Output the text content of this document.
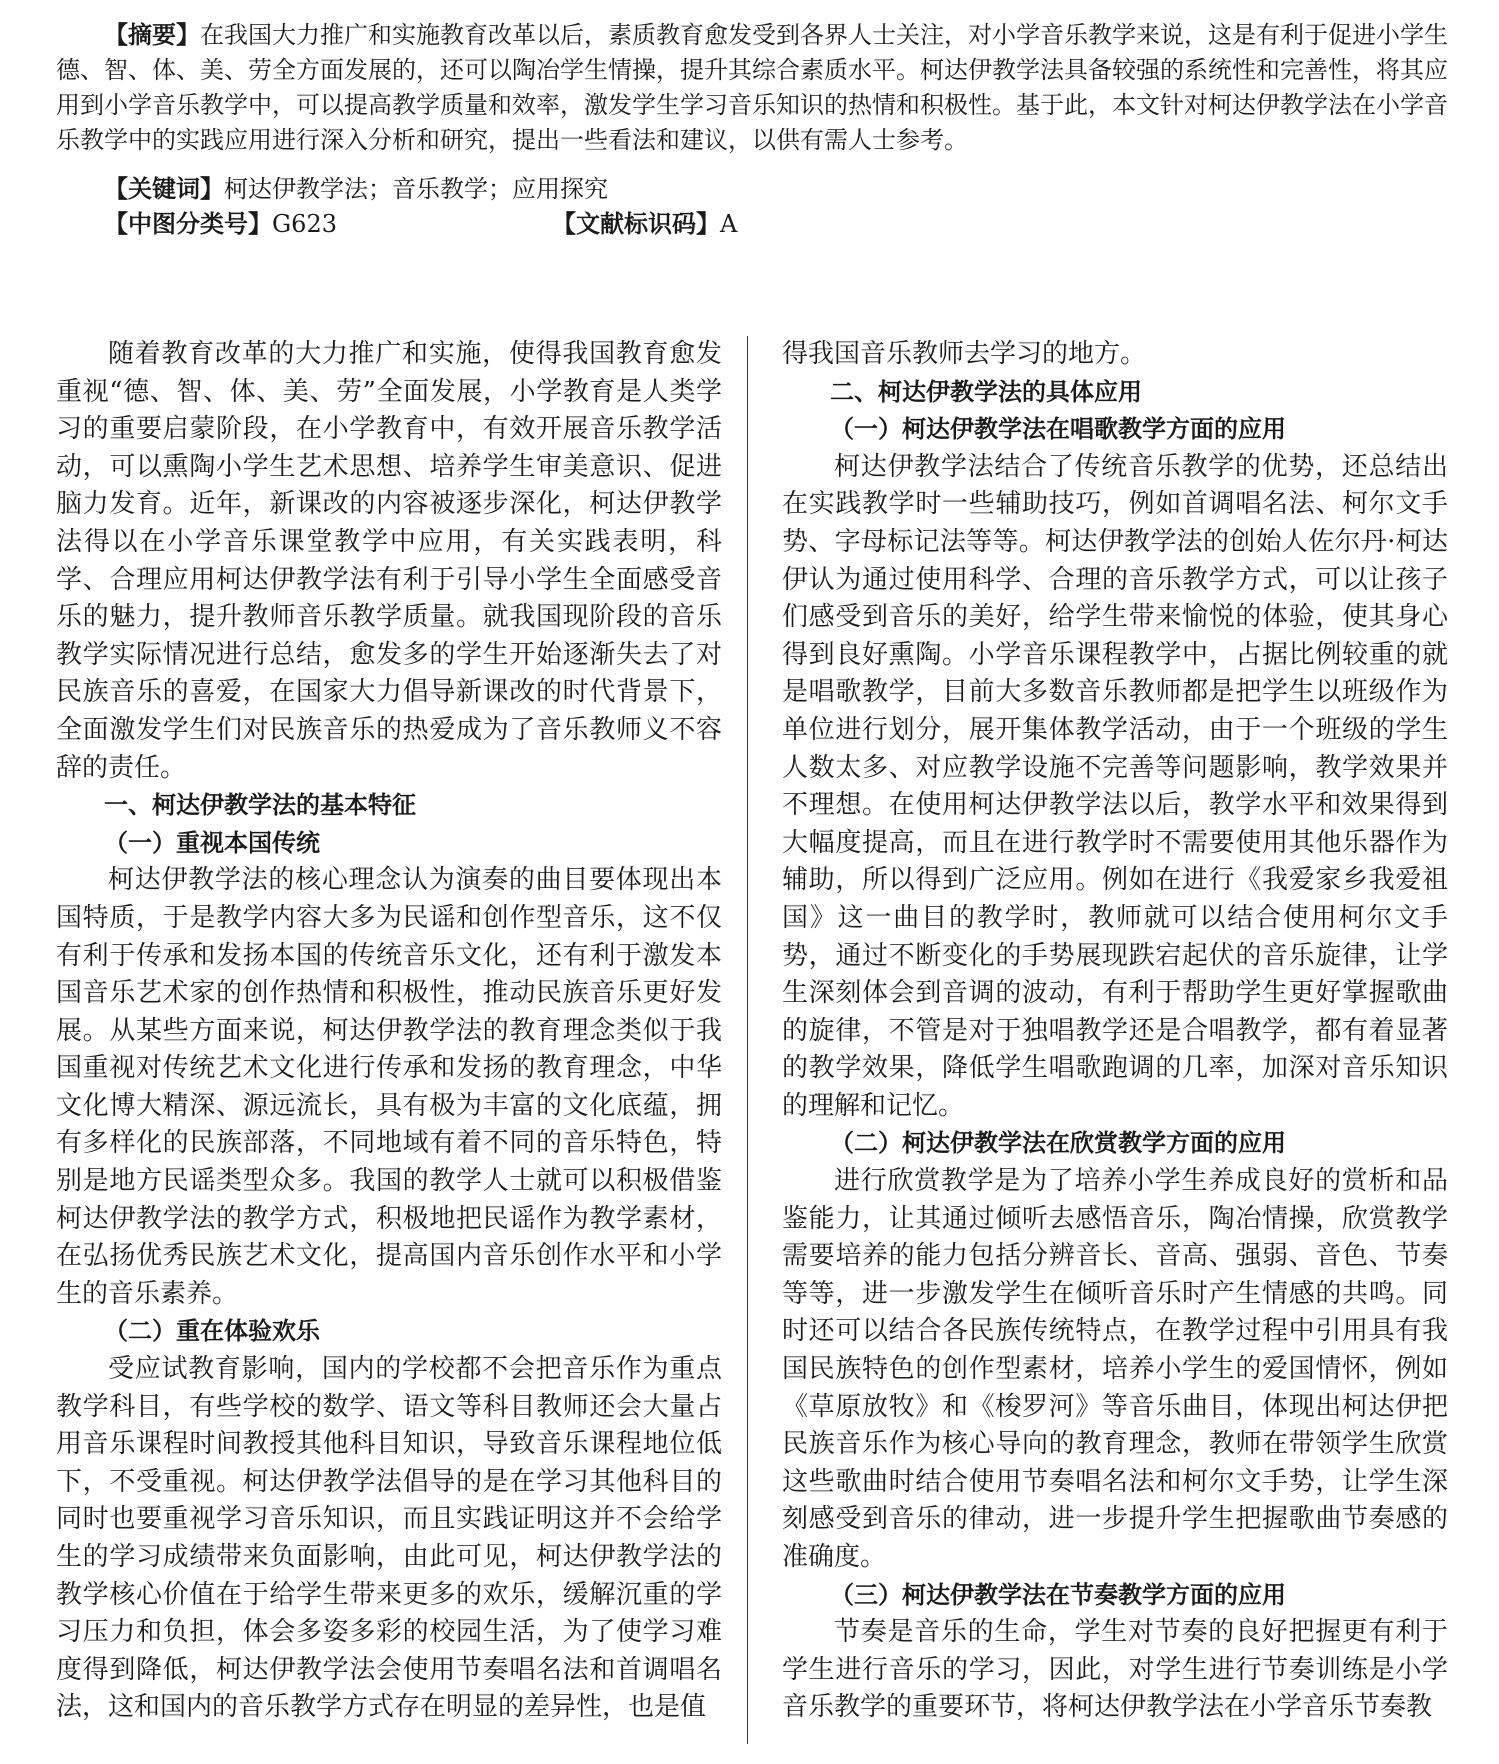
【摘要】在我国大力推广和实施教育改革以后，素质教育愈发受到各界人士关注，对小学音乐教学来说，这是有利于促进小学生德、智、体、美、劳全方面发展的，还可以陶冶学生情操，提升其综合素质水平。柯达伊教学法具备较强的系统性和完善性，将其应用到小学音乐教学中，可以提高教学质量和效率，激发学生学习音乐知识的热情和积极性。基于此，本文针对柯达伊教学法在小学音乐教学中的实践应用进行深入分析和研究，提出一些看法和建议，以供有需人士参考。

【关键词】柯达伊教学法；音乐教学；应用探究
【中图分类号】G623	【文献标识码】A

随着教育改革的大力推广和实施，使得我国教育愈发重视“德、智、体、美、劳”全面发展，小学教育是人类学习的重要启蒙阶段，在小学教育中，有效开展音乐教学活动，可以熏陶小学生艺术思想、培养学生审美意识、促进脑力发育。近年，新课改的内容被逐步深化，柯达伊教学法得以在小学音乐课堂教学中应用，有关实践表明，科学、合理应用柯达伊教学法有利于引导小学生全面感受音乐的魅力，提升教师音乐教学质量。就我国现阶段的音乐教学实际情况进行总结，愈发多的学生开始逐渐失去了对民族音乐的喜爱，在国家大力倡导新课改的时代背景下，全面激发学生们对民族音乐的热爱成为了音乐教师义不容辞的责任。

一、柯达伊教学法的基本特征

（一）重视本国传统

柯达伊教学法的核心理念认为演奏的曲目要体现出本国特质，于是教学内容大多为民谣和创作型音乐，这不仅有利于传承和发扬本国的传统音乐文化，还有利于激发本国音乐艺术家的创作热情和积极性，推动民族音乐更好发展。从某些方面来说，柯达伊教学法的教育理念类似于我国重视对传统艺术文化进行传承和发扬的教育理念，中华文化博大精深、源远流长，具有极为丰富的文化底蕴，拥有多样化的民族部落，不同地域有着不同的音乐特色，特别是地方民谣类型众多。我国的教学人士就可以积极借鉴柯达伊教学法的教学方式，积极地把民谣作为教学素材，在弘扬优秀民族艺术文化，提高国内音乐创作水平和小学生的音乐素养。

（二）重在体验欢乐

受应试教育影响，国内的学校都不会把音乐作为重点教学科目，有些学校的数学、语文等科目教师还会大量占用音乐课程时间教授其他科目知识，导致音乐课程地位低下，不受重视。柯达伊教学法倡导的是在学习其他科目的同时也要重视学习音乐知识，而且实践证明这并不会给学生的学习成绩带来负面影响，由此可见，柯达伊教学法的教学核心价值在于给学生带来更多的欢乐，缓解沉重的学习压力和负担，体会多姿多彩的校园生活，为了使学习难度得到降低，柯达伊教学法会使用节奏唱名法和首调唱名法，这和国内的音乐教学方式存在明显的差异性，也是值

得我国音乐教师去学习的地方。

二、柯达伊教学法的具体应用

（一）柯达伊教学法在唱歌教学方面的应用

柯达伊教学法结合了传统音乐教学的优势，还总结出在实践教学时一些辅助技巧，例如首调唱名法、柯尔文手势、字母标记法等等。柯达伊教学法的创始人佐尔丹·柯达伊认为通过使用科学、合理的音乐教学方式，可以让孩子们感受到音乐的美好，给学生带来愉悦的体验，使其身心得到良好熏陶。小学音乐课程教学中，占据比例较重的就是唱歌教学，目前大多数音乐教师都是把学生以班级作为单位进行划分，展开集体教学活动，由于一个班级的学生人数太多、对应教学设施不完善等问题影响，教学效果并不理想。在使用柯达伊教学法以后，教学水平和效果得到大幅度提高，而且在进行教学时不需要使用其他乐器作为辅助，所以得到广泛应用。例如在进行《我爱家乡我爱祖国》这一曲目的教学时，教师就可以结合使用柯尔文手势，通过不断变化的手势展现跌宕起伏的音乐旋律，让学生深刻体会到音调的波动，有利于帮助学生更好掌握歌曲的旋律，不管是对于独唱教学还是合唱教学，都有着显著的教学效果，降低学生唱歌跑调的几率，加深对音乐知识的理解和记忆。

（二）柯达伊教学法在欣赏教学方面的应用

进行欣赏教学是为了培养小学生养成良好的赏析和品鉴能力，让其通过倾听去感悟音乐，陶冶情操，欣赏教学需要培养的能力包括分辨音长、音高、强弱、音色、节奏等等，进一步激发学生在倾听音乐时产生情感的共鸣。同时还可以结合各民族传统特点，在教学过程中引用具有我国民族特色的创作型素材，培养小学生的爱国情怀，例如《草原放牧》和《梭罗河》等音乐曲目，体现出柯达伊把民族音乐作为核心导向的教育理念，教师在带领学生欣赏这些歌曲时结合使用节奏唱名法和柯尔文手势，让学生深刻感受到音乐的律动，进一步提升学生把握歌曲节奏感的准确度。

（三）柯达伊教学法在节奏教学方面的应用

节奏是音乐的生命，学生对节奏的良好把握更有利于学生进行音乐的学习，因此，对学生进行节奏训练是小学音乐教学的重要环节，将柯达伊教学法在小学音乐节奏教
